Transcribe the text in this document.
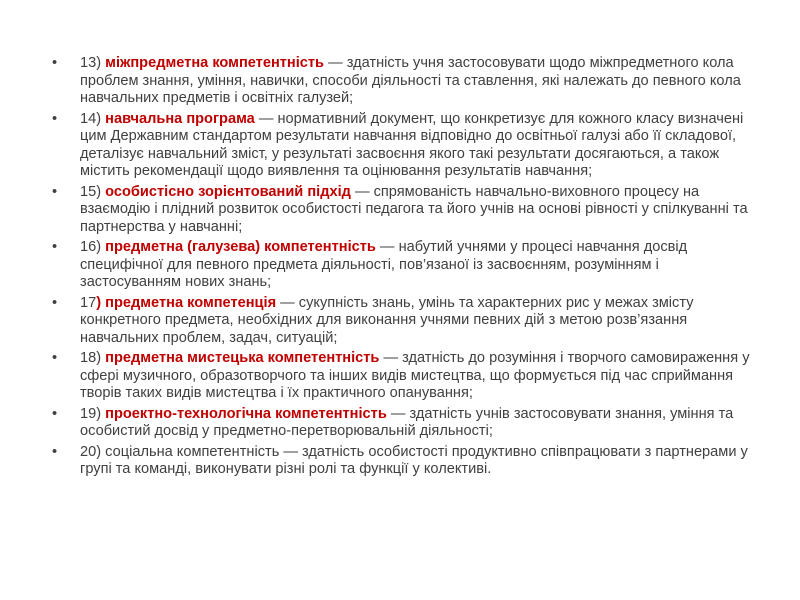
•	13) міжпредметна компетентність — здатність учня застосовувати щодо міжпредметного кола проблем знання, уміння, навички, способи діяльності та ставлення, які належать до певного кола навчальних предметів і освітніх галузей;
•	14) навчальна програма — нормативний документ, що конкретизує для кожного класу визначені цим Державним стандартом результати навчання відповідно до освітньої галузі або її складової, деталізує навчальний зміст, у результаті засвоєння якого такі результати досягаються, а також містить рекомендації щодо виявлення та оцінювання результатів навчання;
•	15) особистісно зорієнтований підхід — спрямованість навчально-виховного процесу на взаємодію і плідний розвиток особистості педагога та його учнів на основі рівності у спілкуванні та партнерства у навчанні;
•	16) предметна (галузева) компетентність — набутий учнями у процесі навчання досвід специфічної для певного предмета діяльності, пов’язаної із засвоєнням, розумінням і застосуванням нових знань;
•	17) предметна компетенція — сукупність знань, умінь та характерних рис у межах змісту конкретного предмета, необхідних для виконання учнями певних дій з метою розв’язання навчальних проблем, задач, ситуацій;
•	18) предметна мистецька компетентність — здатність до розуміння і творчого самовираження у сфері музичного, образотворчого та інших видів мистецтва, що формується під час сприймання творів таких видів мистецтва і їх практичного опанування;
•	19) проектно-технологічна компетентність — здатність учнів застосовувати знання, уміння та особистий досвід у предметно-перетворювальній діяльності;
•	20) соціальна компетентність — здатність особистості продуктивно співпрацювати з партнерами у групі та команді, виконувати різні ролі та функції у колективі.
